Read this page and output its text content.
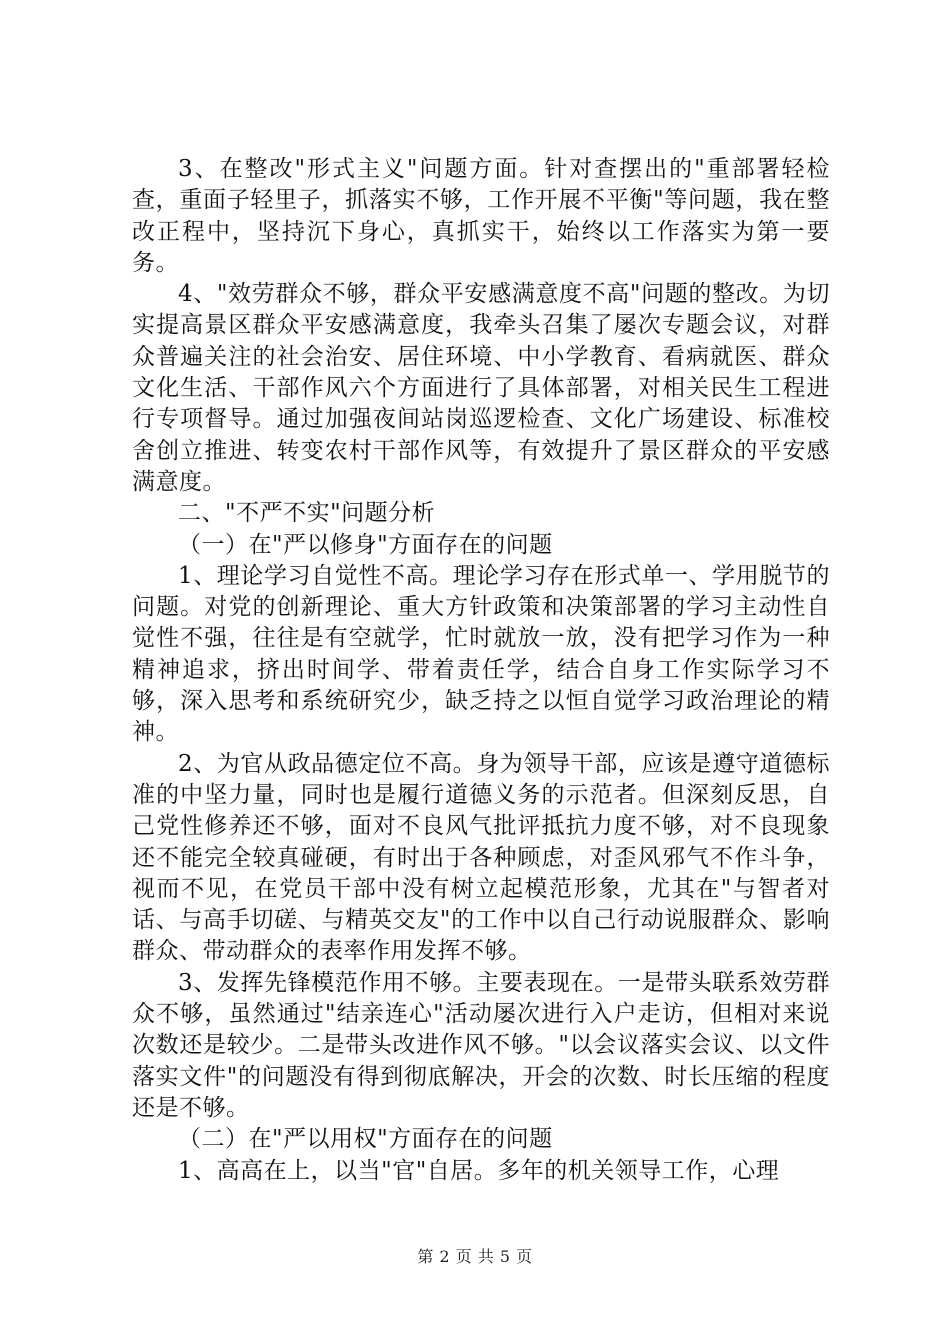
3、在整改"形式主义"问题方面。针对查摆出的"重部署轻检查，重面子轻里子，抓落实不够，工作开展不平衡"等问题，我在整改正程中，坚持沉下身心，真抓实干，始终以工作落实为第一要务。

4、"效劳群众不够，群众平安感满意度不高"问题的整改。为切实提高景区群众平安感满意度，我牵头召集了屡次专题会议，对群众普遍关注的社会治安、居住环境、中小学教育、看病就医、群众文化生活、干部作风六个方面进行了具体部署，对相关民生工程进行专项督导。通过加强夜间站岗巡逻检查、文化广场建设、标准校舍创立推进、转变农村干部作风等，有效提升了景区群众的平安感满意度。

二、"不严不实"问题分析

（一）在"严以修身"方面存在的问题

1、理论学习自觉性不高。理论学习存在形式单一、学用脱节的问题。对党的创新理论、重大方针政策和决策部署的学习主动性自觉性不强，往往是有空就学，忙时就放一放，没有把学习作为一种精神追求，挤出时间学、带着责任学，结合自身工作实际学习不够，深入思考和系统研究少，缺乏持之以恒自觉学习政治理论的精神。

2、为官从政品德定位不高。身为领导干部，应该是遵守道德标准的中坚力量，同时也是履行道德义务的示范者。但深刻反思，自己党性修养还不够，面对不良风气批评抵抗力度不够，对不良现象还不能完全较真碰硬，有时出于各种顾虑，对歪风邪气不作斗争，视而不见，在党员干部中没有树立起模范形象，尤其在"与智者对话、与高手切磋、与精英交友"的工作中以自己行动说服群众、影响群众、带动群众的表率作用发挥不够。

3、发挥先锋模范作用不够。主要表现在。一是带头联系效劳群众不够，虽然通过"结亲连心"活动屡次进行入户走访，但相对来说次数还是较少。二是带头改进作风不够。"以会议落实会议、以文件落实文件"的问题没有得到彻底解决，开会的次数、时长压缩的程度还是不够。

（二）在"严以用权"方面存在的问题

1、高高在上，以当"官"自居。多年的机关领导工作，心理

第 2 页 共 5 页
